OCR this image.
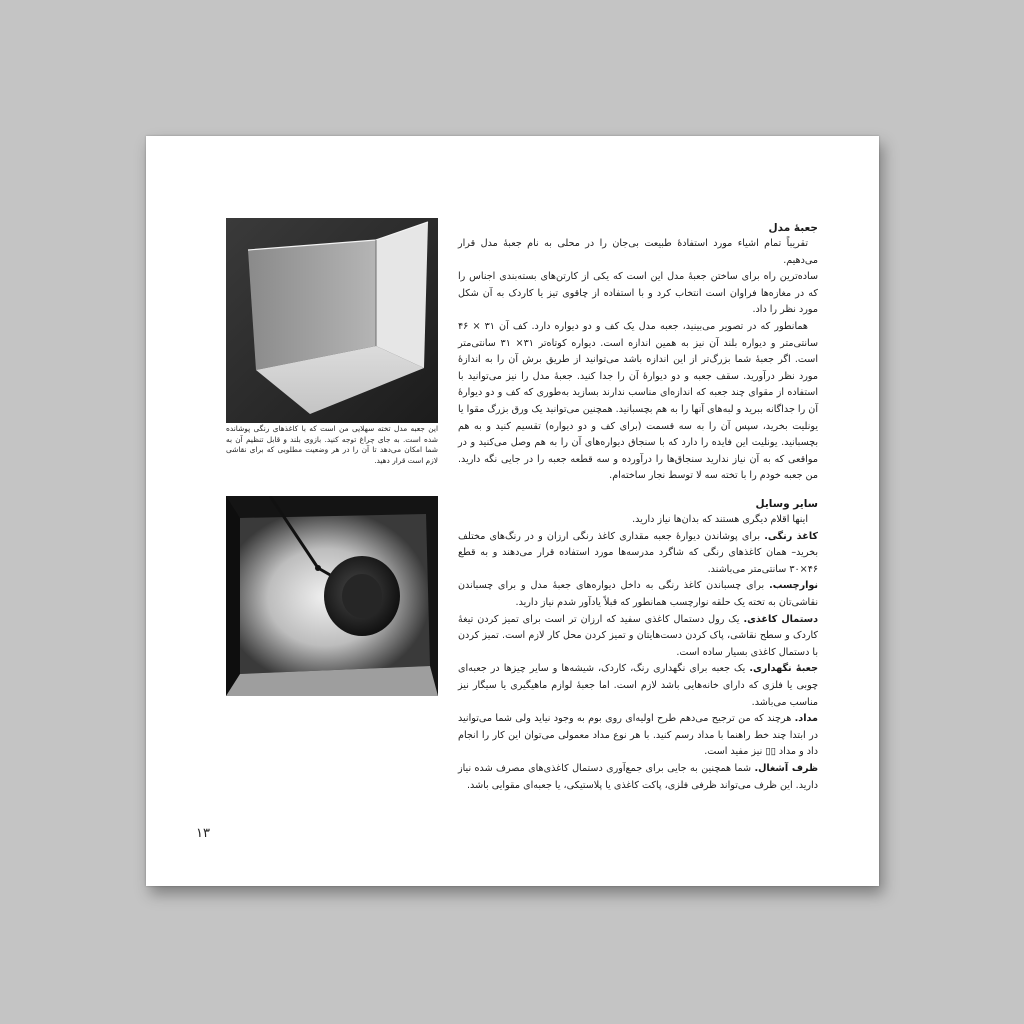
این جعبه مدل تخته سهلایی من است که با کاغذهای رنگی پوشانده شده است. به جای چراغ توجه کنید. بازوی بلند و قابل تنظیم آن به شما امکان می‌دهد تا آن را در هر وضعیت مطلوبی که برای نقاشی لازم است قرار دهید.

جعبهٔ مدل

تقریباً تمام اشیاء مورد استفادهٔ طبیعت بی‌جان را در محلی به نام جعبهٔ مدل قرار می‌دهیم.

ساده‌ترین راه برای ساختن جعبهٔ مدل این است که یکی از کارتن‌های بسته‌بندی اجناس را که در مغازه‌ها فراوان است انتخاب کرد و با استفاده از چاقوی تیز یا کاردک به آن شکل مورد نظر را داد.

همانطور که در تصویر می‌بینید، جعبه مدل یک کف و دو دیواره دارد. کف آن ۳۱ × ۴۶ سانتی‌متر و دیواره بلند آن نیز به همین اندازه است. دیواره کوتاه‌تر ۳۱× ۳۱ سانتی‌متر است. اگر جعبهٔ شما بزرگ‌تر از این اندازه باشد می‌توانید از طریق برش آن را به اندازهٔ مورد نظر درآورید. سقف جعبه و دو دیوارهٔ آن را جدا کنید. جعبهٔ مدل را نیز می‌توانید با استفاده از مقوای چند جعبه که اندازه‌ای مناسب ندارند بسازید به‌طوری که کف و دو دیوارهٔ آن را جداگانه ببرید و لبه‌های آنها را به هم بچسبانید. همچنین می‌توانید یک ورق بزرگ مقوا یا یونلیت بخرید، سپس آن را به سه قسمت (برای کف و دو دیواره) تقسیم کنید و به هم بچسبانید. یونلیت این فایده را دارد که با سنجاق دیواره‌های آن را به هم وصل می‌کنید و در مواقعی که به آن نیاز ندارید سنجاق‌ها را درآورده و سه قطعه جعبه را در جایی نگه دارید. من جعبه خودم را با تخته سه لا توسط نجار ساخته‌ام.

سایر وسایل

اینها اقلام دیگری هستند که بدان‌ها نیاز دارید.

کاغذ رنگی. برای پوشاندن دیوارهٔ جعبه مقداری کاغذ رنگی ارزان و در رنگ‌های مختلف بخرید– همان کاغذهای رنگی که شاگرد مدرسه‌ها مورد استفاده قرار می‌دهند و به قطع ۴۶×۳۰ سانتی‌متر می‌باشند.

نوارچسب. برای چسباندن کاغذ رنگی به داخل دیواره‌های جعبهٔ مدل و برای چسباندن نقاشی‌تان به تخته یک حلقه نوارچسب همانطور که قبلاً یادآور شدم نیاز دارید.

دستمال کاغذی. یک رول دستمال کاغذی سفید که ارزان تر است برای تمیز کردن تیغهٔ کاردک و سطح نقاشی، پاک کردن دست‌هایتان و تمیز کردن محل کار لازم است. تمیز کردن با دستمال کاغذی بسیار ساده است.

جعبهٔ نگهداری. یک جعبه برای نگهداری رنگ، کاردک، شیشه‌ها و سایر چیزها در جعبه‌ای چوبی یا فلزی که دارای خانه‌هایی باشد لازم است. اما جعبهٔ لوازم ماهیگیری یا سیگار نیز مناسب می‌باشد.

مداد. هرچند که من ترجیح می‌دهم طرح اولیه‌ای روی بوم به وجود نیاید ولی شما می‌توانید در ابتدا چند خط راهنما با مداد رسم کنید. با هر نوع مداد معمولی می‌توان این کار را انجام داد و مداد ▯▯ نیز مفید است.

ظرف آشغال. شما همچنین به جایی برای جمع‌آوری دستمال کاغذی‌های مصرف شده نیاز دارید. این ظرف می‌تواند ظرفی فلزی، پاکت کاغذی یا پلاستیکی، یا جعبه‌ای مقوایی باشد.

۱۳
